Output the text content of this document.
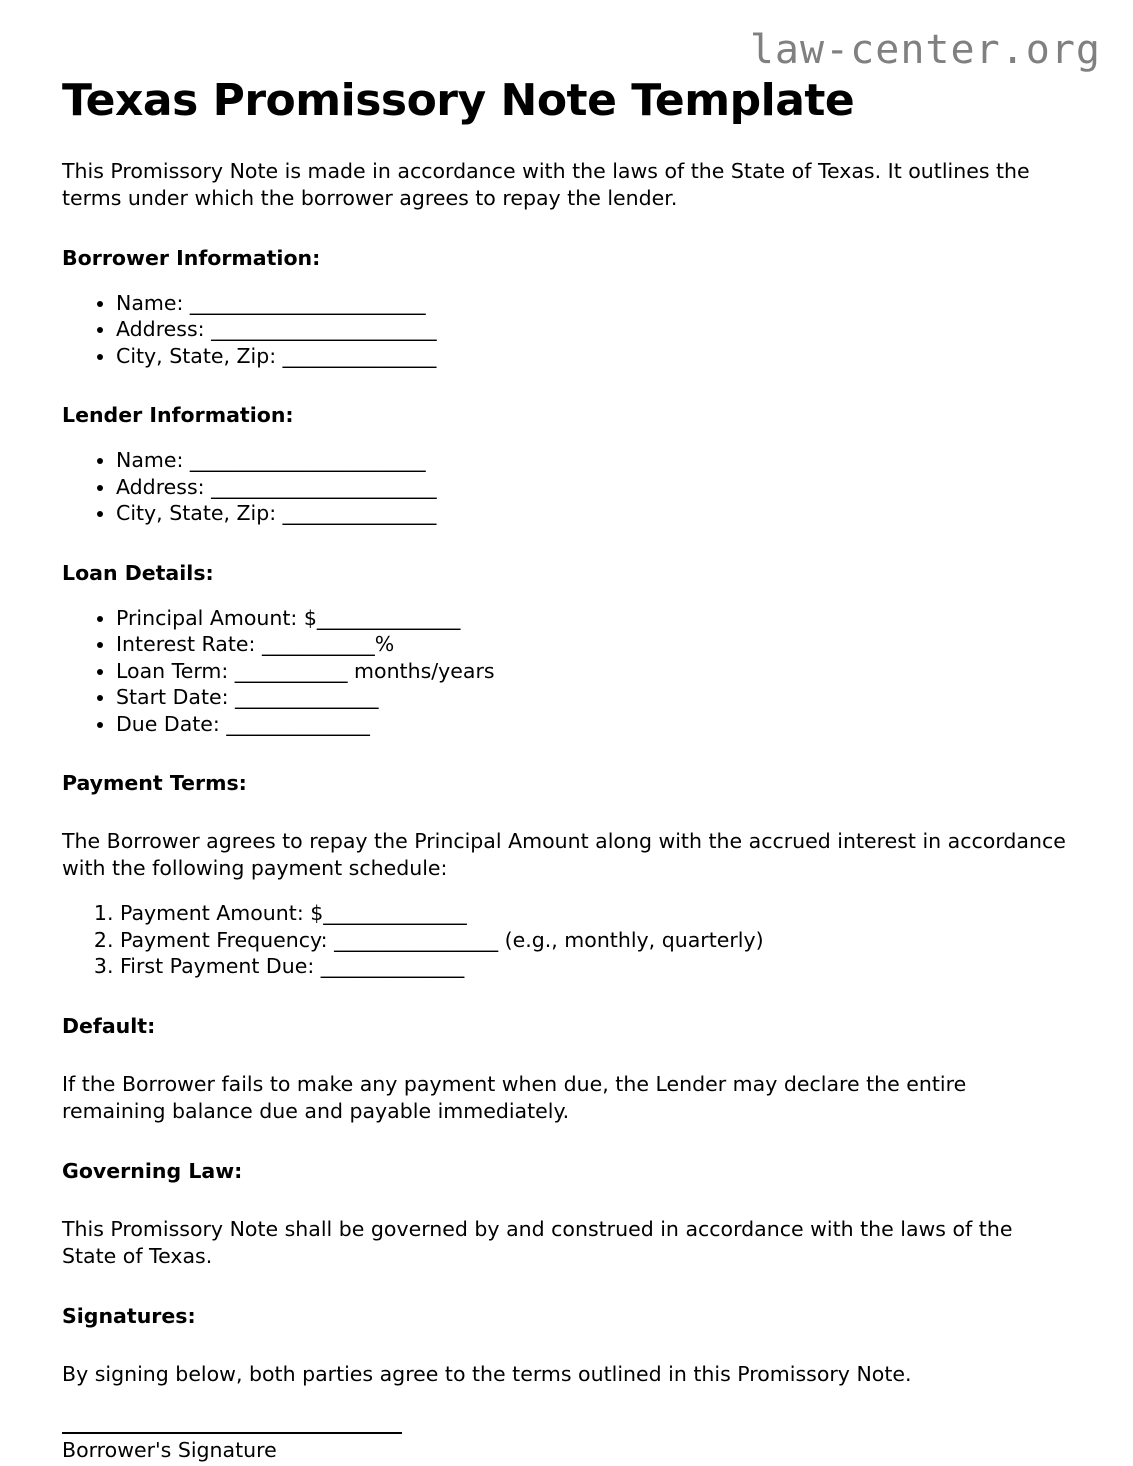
law-center.org
Texas Promissory Note Template

This Promissory Note is made in accordance with the laws of the State of Texas. It outlines the terms under which the borrower agrees to repay the lender.

Borrower Information:
• Name: _______________________
• Address: ______________________
• City, State, Zip: _______________
Lender Information:
• Name: _______________________
• Address: ______________________
• City, State, Zip: _______________
Loan Details:
• Principal Amount: $______________
• Interest Rate: ___________%
• Loan Term: ___________ months/years
• Start Date: ______________
• Due Date: ______________
Payment Terms:

The Borrower agrees to repay the Principal Amount along with the accrued interest in accordance with the following payment schedule:

1. Payment Amount: $______________
2. Payment Frequency: ________________ (e.g., monthly, quarterly)
3. First Payment Due: ______________
Default:

If the Borrower fails to make any payment when due, the Lender may declare the entire remaining balance due and payable immediately.

Governing Law:

This Promissory Note shall be governed by and construed in accordance with the laws of the State of Texas.

Signatures:

By signing below, both parties agree to the terms outlined in this Promissory Note.

Borrower's Signature
